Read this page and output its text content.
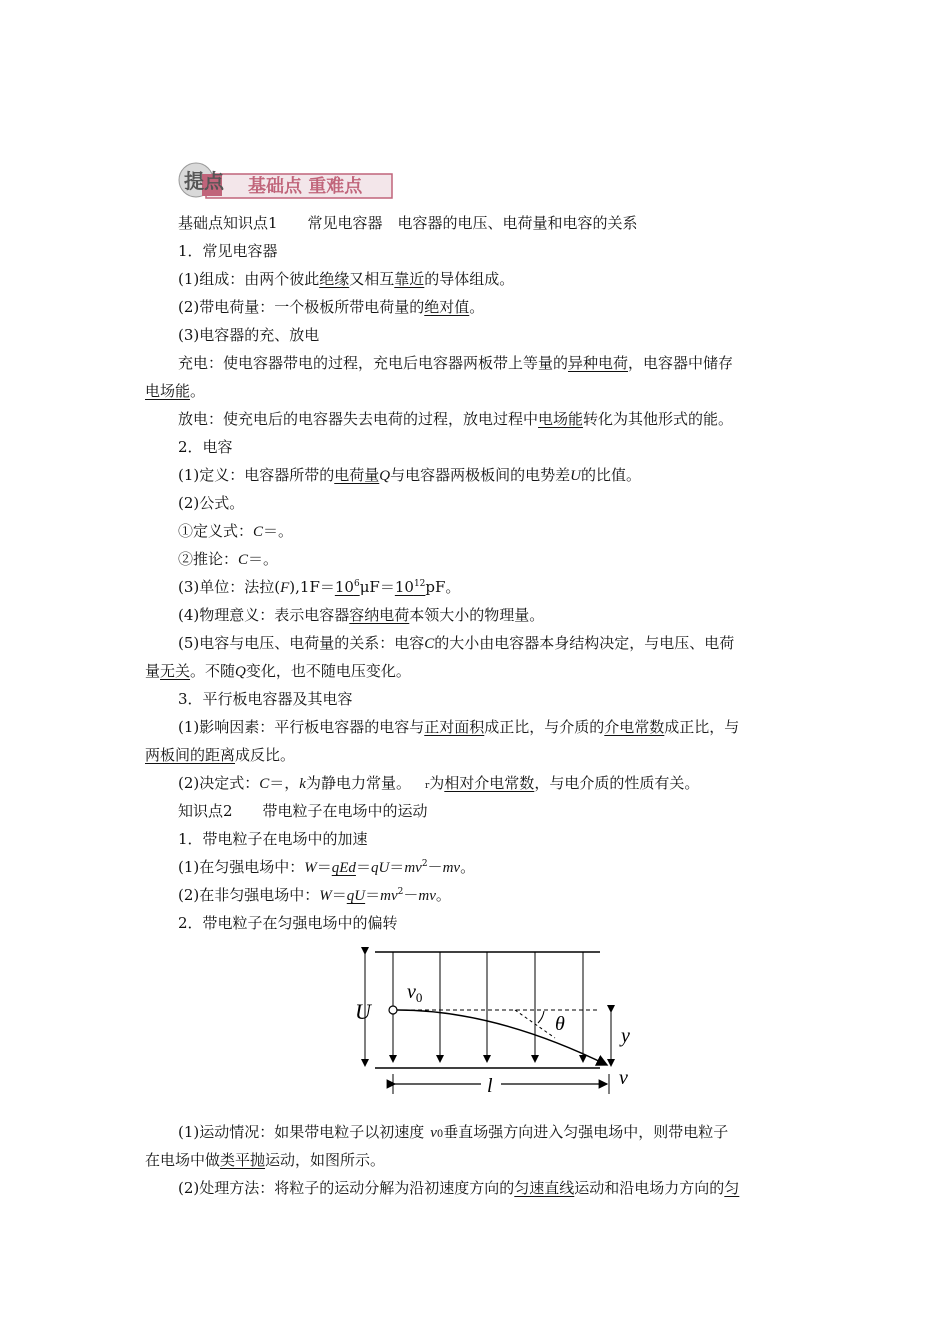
提点 基础点 重难点
基础点知识点1　　常见电容器　电容器的电压、电荷量和电容的关系
1．常见电容器
(1)组成：由两个彼此绝缘又相互靠近的导体组成。
(2)带电荷量：一个极板所带电荷量的绝对值。
(3)电容器的充、放电
充电：使电容器带电的过程，充电后电容器两板带上等量的异种电荷，电容器中储存
电场能。
放电：使充电后的电容器失去电荷的过程，放电过程中电场能转化为其他形式的能。
2．电容
(1)定义：电容器所带的电荷量Q与电容器两极板间的电势差U的比值。
(2)公式。
①定义式：C＝。
②推论：C＝。
(3)单位：法拉$(F),1F=10^6\mu F=10^{12}pF$。
(4)物理意义：表示电容器容纳电荷本领大小的物理量。
(5)电容与电压、电荷量的关系：电容C的大小由电容器本身结构决定，与电压、电荷
量无关。不随Q变化，也不随电压变化。
3．平行板电容器及其电容
(1)影响因素：平行板电容器的电容与正对面积成正比，与介质的介电常数成正比，与
两板间的距离成反比。
(2)决定式：C＝，k为静电力常量。 r为相对介电常数，与电介质的性质有关。
知识点2　　带电粒子在电场中的运动
1．带电粒子在电场中的加速
(1)在匀强电场中：$W=qEd=qU=mv^2-mv$。
(2)在非匀强电场中：$W=qU=mv^2-mv$。
2．带电粒子在匀强电场中的偏转
U
$v_0$
θ
y
l	v
(1)运动情况：如果带电粒子以初速度 v0垂直场强方向进入匀强电场中，则带电粒子
在电场中做类平抛运动，如图所示。
(2)处理方法：将粒子的运动分解为沿初速度方向的匀速直线运动和沿电场力方向的匀
